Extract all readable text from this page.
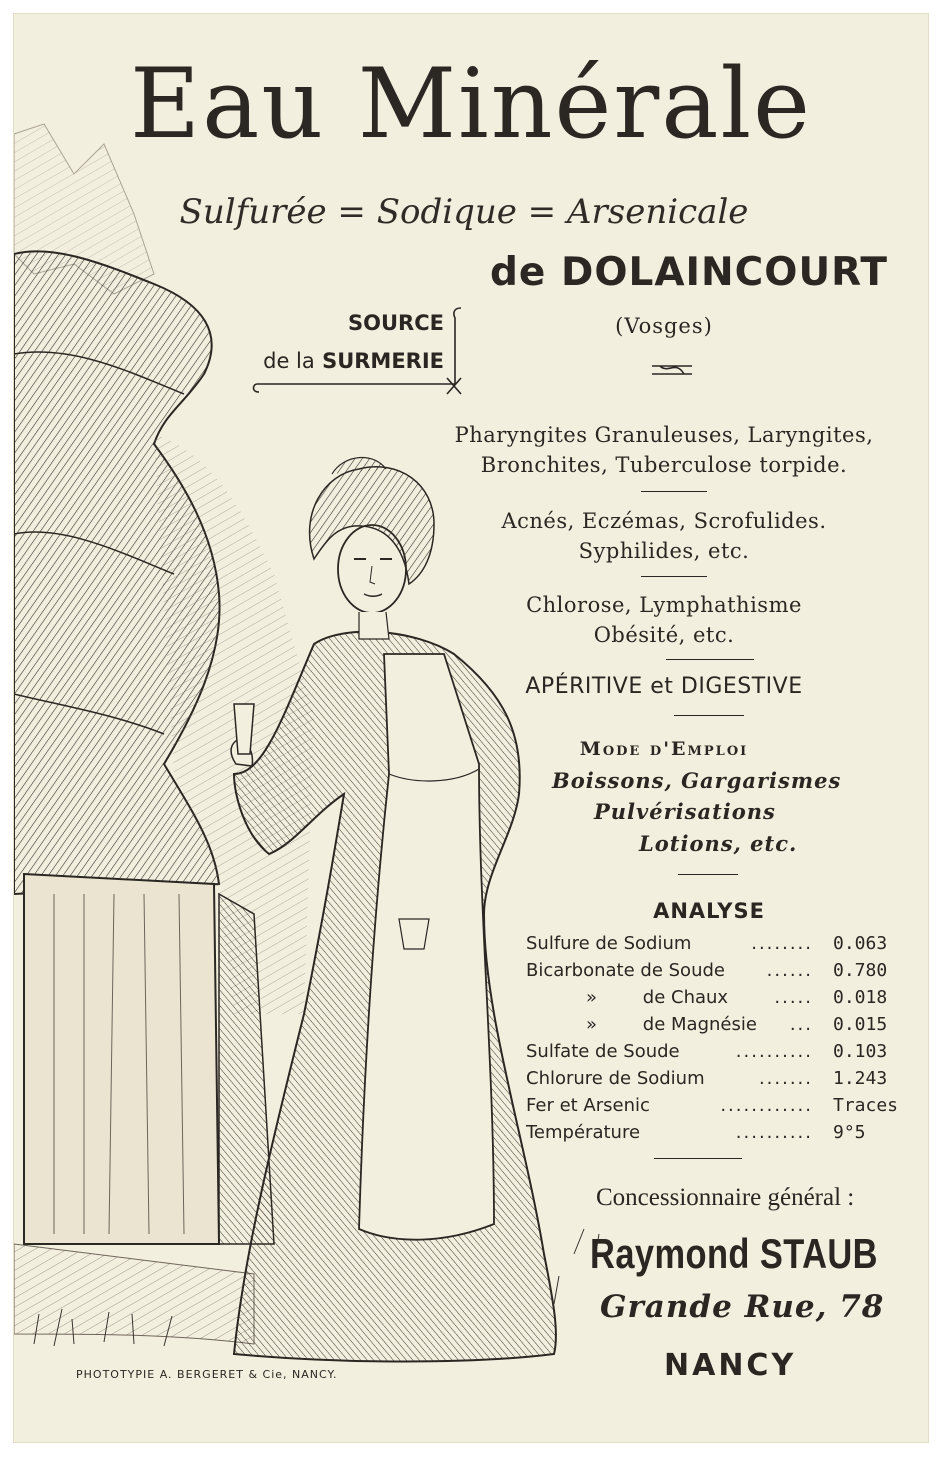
Eau Minérale
Sulfurée = Sodique = Arsenicale
de DOLAINCOURT
(Vosges)
SOURCE
de la SURMERIE
Pharyngites Granuleuses, Laryngites,
Bronchites, Tuberculose torpide.
Acnés, Eczémas, Scrofulides.
Syphilides, etc.
Chlorose, Lymphathisme
Obésité, etc.
APÉRITIVE et DIGESTIVE
Mode d'Emploi
Boissons, Gargarismes
Pulvérisations
Lotions, etc.
ANALYSE
Sulfure de Sodium	........ 0.063
Bicarbonate de Soude ...... 0.780
»        de Chaux	..... 0.018
»        de Magnésie ... 0.015
Sulfate de Soude	.......... 0.103
Chlorure de Sodium	....... 1.243
Fer et Arsenic	............ Traces
Température	.......... 9°5
Concessionnaire général :
Raymond STAUB
Grande Rue, 78
NANCY
PHOTOTYPIE A. BERGERET & Cie, NANCY.
